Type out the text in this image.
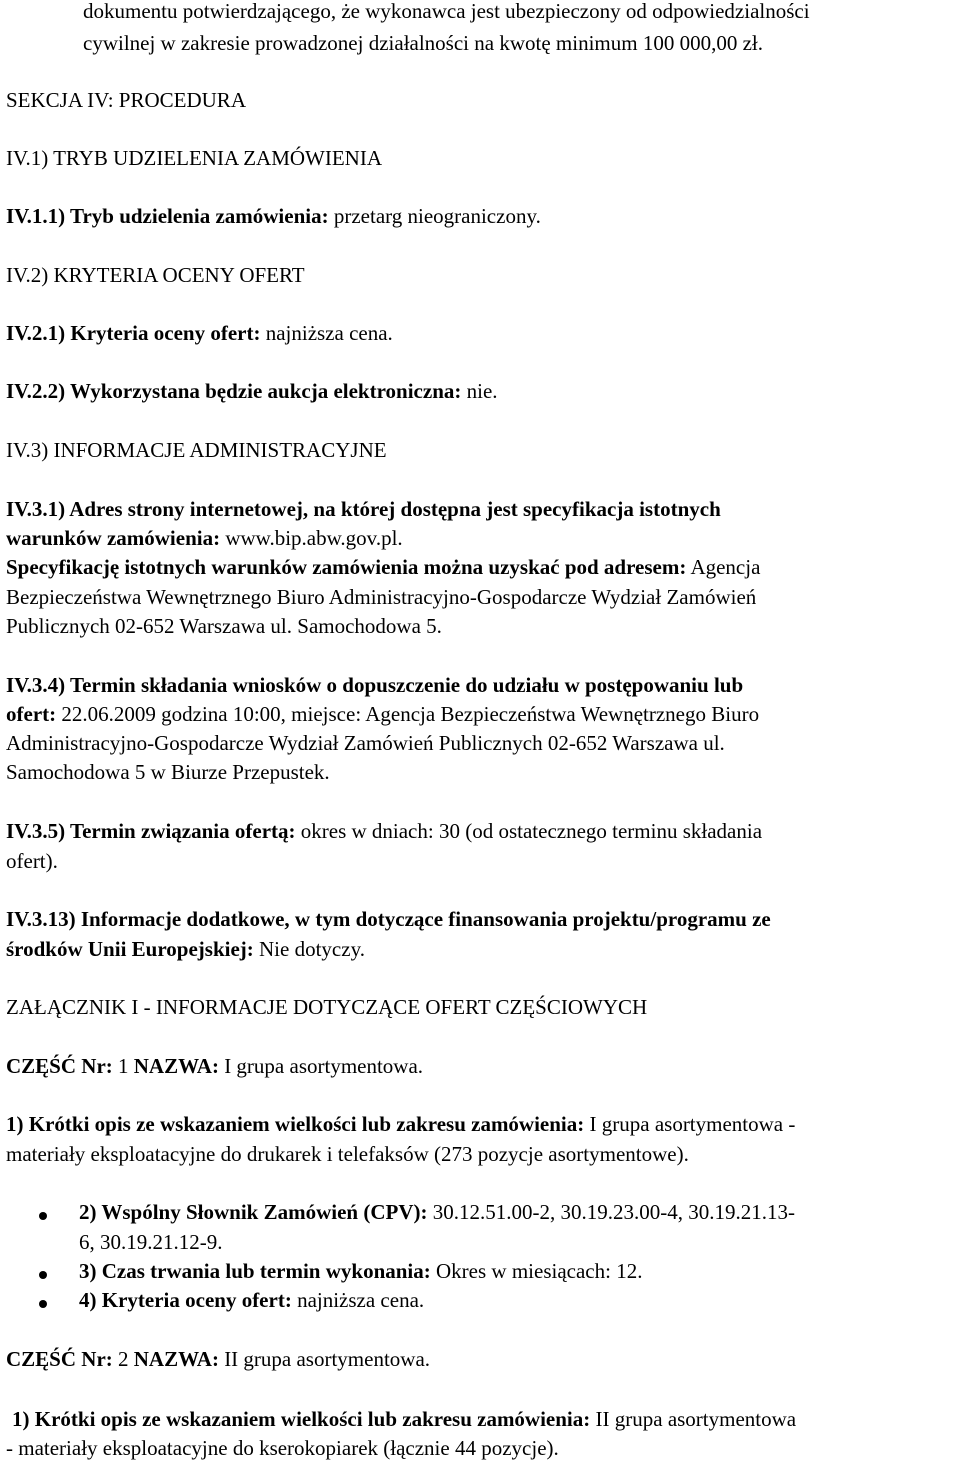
dokumentu potwierdzającego, że wykonawca jest ubezpieczony od odpowiedzialności
cywilnej w zakresie prowadzonej działalności na kwotę minimum 100 000,00 zł.
SEKCJA IV: PROCEDURA
IV.1) TRYB UDZIELENIA ZAMÓWIENIA
IV.1.1) Tryb udzielenia zamówienia: przetarg nieograniczony.
IV.2) KRYTERIA OCENY OFERT
IV.2.1) Kryteria oceny ofert: najniższa cena.
IV.2.2) Wykorzystana będzie aukcja elektroniczna: nie.
IV.3) INFORMACJE ADMINISTRACYJNE
IV.3.1) Adres strony internetowej, na której dostępna jest specyfikacja istotnych
warunków zamówienia: www.bip.abw.gov.pl.
Specyfikację istotnych warunków zamówienia można uzyskać pod adresem: Agencja
Bezpieczeństwa Wewnętrznego Biuro Administracyjno-Gospodarcze Wydział Zamówień
Publicznych 02-652 Warszawa ul. Samochodowa 5.
IV.3.4) Termin składania wniosków o dopuszczenie do udziału w postępowaniu lub
ofert: 22.06.2009 godzina 10:00, miejsce: Agencja Bezpieczeństwa Wewnętrznego Biuro
Administracyjno-Gospodarcze Wydział Zamówień Publicznych 02-652 Warszawa ul.
Samochodowa 5 w Biurze Przepustek.
IV.3.5) Termin związania ofertą: okres w dniach: 30 (od ostatecznego terminu składania
ofert).
IV.3.13) Informacje dodatkowe, w tym dotyczące finansowania projektu/programu ze
środków Unii Europejskiej: Nie dotyczy.
ZAŁĄCZNIK I - INFORMACJE DOTYCZĄCE OFERT CZĘŚCIOWYCH
CZĘŚĆ Nr: 1 NAZWA: I grupa asortymentowa.
1) Krótki opis ze wskazaniem wielkości lub zakresu zamówienia: I grupa asortymentowa -
materiały eksploatacyjne do drukarek i telefaksów (273 pozycje asortymentowe).
2) Wspólny Słownik Zamówień (CPV): 30.12.51.00-2, 30.19.23.00-4, 30.19.21.13-
6, 30.19.21.12-9.
3) Czas trwania lub termin wykonania: Okres w miesiącach: 12.
4) Kryteria oceny ofert: najniższa cena.
CZĘŚĆ Nr: 2 NAZWA: II grupa asortymentowa.
1) Krótki opis ze wskazaniem wielkości lub zakresu zamówienia: II grupa asortymentowa
- materiały eksploatacyjne do kserokopiarek (łącznie 44 pozycje).
